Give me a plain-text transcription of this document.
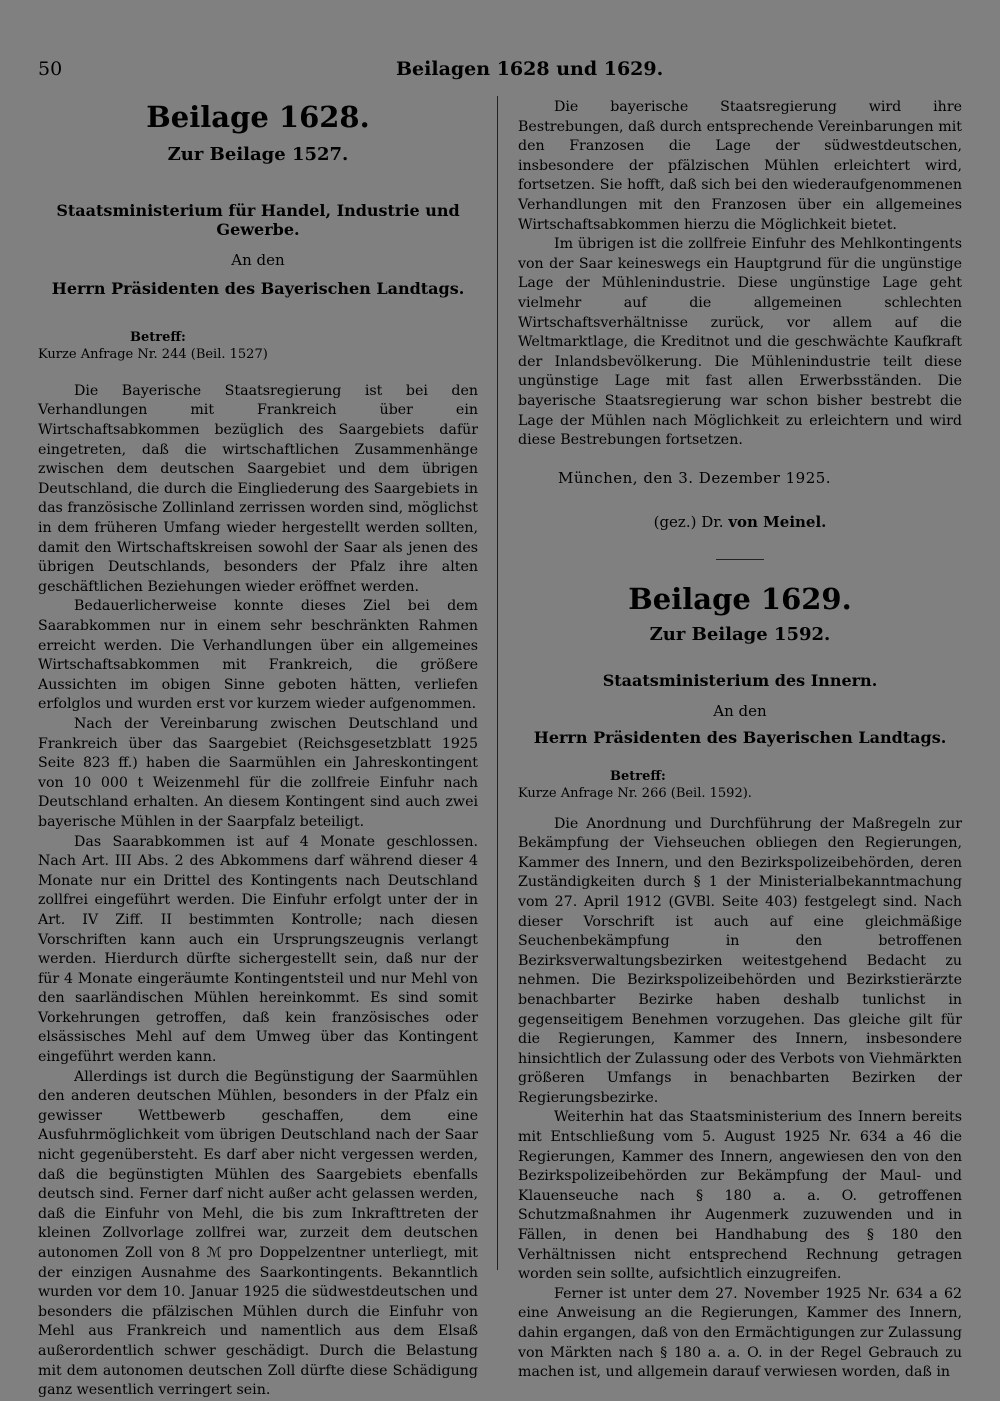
50	Beilagen 1628 und 1629.
Beilage 1628.
Zur Beilage 1527.
Staatsministerium für Handel, Industrie und Gewerbe.
An den
Herrn Präsidenten des Bayerischen Landtags.
Betreff:
Kurze Anfrage Nr. 244 (Beil. 1527)

Die Bayerische Staatsregierung ist bei den Verhandlungen mit Frankreich über ein Wirtschaftsabkommen bezüglich des Saargebiets dafür eingetreten, daß die wirtschaftlichen Zusammenhänge zwischen dem deutschen Saargebiet und dem übrigen Deutschland, die durch die Eingliederung des Saargebiets in das französische Zollinland zerrissen worden sind, möglichst in dem früheren Umfang wieder hergestellt werden sollten, damit den Wirtschaftskreisen sowohl der Saar als jenen des übrigen Deutschlands, besonders der Pfalz ihre alten geschäftlichen Beziehungen wieder eröffnet werden.

Bedauerlicherweise konnte dieses Ziel bei dem Saarabkommen nur in einem sehr beschränkten Rahmen erreicht werden. Die Verhandlungen über ein allgemeines Wirtschaftsabkommen mit Frankreich, die größere Aussichten im obigen Sinne geboten hätten, verliefen erfolglos und wurden erst vor kurzem wieder aufgenommen.

Nach der Vereinbarung zwischen Deutschland und Frankreich über das Saargebiet (Reichsgesetzblatt 1925 Seite 823 ff.) haben die Saarmühlen ein Jahreskontingent von 10 000 t Weizenmehl für die zollfreie Einfuhr nach Deutschland erhalten. An diesem Kontingent sind auch zwei bayerische Mühlen in der Saarpfalz beteiligt.

Das Saarabkommen ist auf 4 Monate geschlossen. Nach Art. III Abs. 2 des Abkommens darf während dieser 4 Monate nur ein Drittel des Kontingents nach Deutschland zollfrei eingeführt werden. Die Einfuhr erfolgt unter der in Art. IV Ziff. II bestimmten Kontrolle; nach diesen Vorschriften kann auch ein Ursprungszeugnis verlangt werden. Hierdurch dürfte sichergestellt sein, daß nur der für 4 Monate eingeräumte Kontingentsteil und nur Mehl von den saarländischen Mühlen hereinkommt. Es sind somit Vorkehrungen getroffen, daß kein französisches oder elsässisches Mehl auf dem Umweg über das Kontingent eingeführt werden kann.

Allerdings ist durch die Begünstigung der Saarmühlen den anderen deutschen Mühlen, besonders in der Pfalz ein gewisser Wettbewerb geschaffen, dem eine Ausfuhrmöglichkeit vom übrigen Deutschland nach der Saar nicht gegenübersteht. Es darf aber nicht vergessen werden, daß die begünstigten Mühlen des Saargebiets ebenfalls deutsch sind. Ferner darf nicht außer acht gelassen werden, daß die Einfuhr von Mehl, die bis zum Inkrafttreten der kleinen Zollvorlage zollfrei war, zurzeit dem deutschen autonomen Zoll von 8 ℳ pro Doppelzentner unterliegt, mit der einzigen Ausnahme des Saarkontingents. Bekanntlich wurden vor dem 10. Januar 1925 die südwestdeutschen und besonders die pfälzischen Mühlen durch die Einfuhr von Mehl aus Frankreich und namentlich aus dem Elsaß außerordentlich schwer geschädigt. Durch die Belastung mit dem autonomen deutschen Zoll dürfte diese Schädigung ganz wesentlich verringert sein.

Die bayerische Staatsregierung wird ihre Bestrebungen, daß durch entsprechende Vereinbarungen mit den Franzosen die Lage der südwestdeutschen, insbesondere der pfälzischen Mühlen erleichtert wird, fortsetzen. Sie hofft, daß sich bei den wiederaufgenommenen Verhandlungen mit den Franzosen über ein allgemeines Wirtschaftsabkommen hierzu die Möglichkeit bietet.

Im übrigen ist die zollfreie Einfuhr des Mehlkontingents von der Saar keineswegs ein Hauptgrund für die ungünstige Lage der Mühlenindustrie. Diese ungünstige Lage geht vielmehr auf die allgemeinen schlechten Wirtschaftsverhältnisse zurück, vor allem auf die Weltmarktlage, die Kreditnot und die geschwächte Kaufkraft der Inlandsbevölkerung. Die Mühlenindustrie teilt diese ungünstige Lage mit fast allen Erwerbsständen. Die bayerische Staatsregierung war schon bisher bestrebt die Lage der Mühlen nach Möglichkeit zu erleichtern und wird diese Bestrebungen fortsetzen.

München, den 3. Dezember 1925.
(gez.) Dr. von Meinel.
Beilage 1629.
Zur Beilage 1592.
Staatsministerium des Innern.
An den
Herrn Präsidenten des Bayerischen Landtags.
Betreff:
Kurze Anfrage Nr. 266 (Beil. 1592).

Die Anordnung und Durchführung der Maßregeln zur Bekämpfung der Viehseuchen obliegen den Regierungen, Kammer des Innern, und den Bezirkspolizeibehörden, deren Zuständigkeiten durch § 1 der Ministerialbekanntmachung vom 27. April 1912 (GVBl. Seite 403) festgelegt sind. Nach dieser Vorschrift ist auch auf eine gleichmäßige Seuchenbekämpfung in den betroffenen Bezirksverwaltungsbezirken weitestgehend Bedacht zu nehmen. Die Bezirkspolizeibehörden und Bezirkstierärzte benachbarter Bezirke haben deshalb tunlichst in gegenseitigem Benehmen vorzugehen. Das gleiche gilt für die Regierungen, Kammer des Innern, insbesondere hinsichtlich der Zulassung oder des Verbots von Viehmärkten größeren Umfangs in benachbarten Bezirken der Regierungsbezirke.

Weiterhin hat das Staatsministerium des Innern bereits mit Entschließung vom 5. August 1925 Nr. 634 a 46 die Regierungen, Kammer des Innern, angewiesen den von den Bezirkspolizeibehörden zur Bekämpfung der Maul- und Klauenseuche nach § 180 a. a. O. getroffenen Schutzmaßnahmen ihr Augenmerk zuzuwenden und in Fällen, in denen bei Handhabung des § 180 den Verhältnissen nicht entsprechend Rechnung getragen worden sein sollte, aufsichtlich einzugreifen.

Ferner ist unter dem 27. November 1925 Nr. 634 a 62 eine Anweisung an die Regierungen, Kammer des Innern, dahin ergangen, daß von den Ermächtigungen zur Zulassung von Märkten nach § 180 a. a. O. in der Regel Gebrauch zu machen ist, und allgemein darauf verwiesen worden, daß in
